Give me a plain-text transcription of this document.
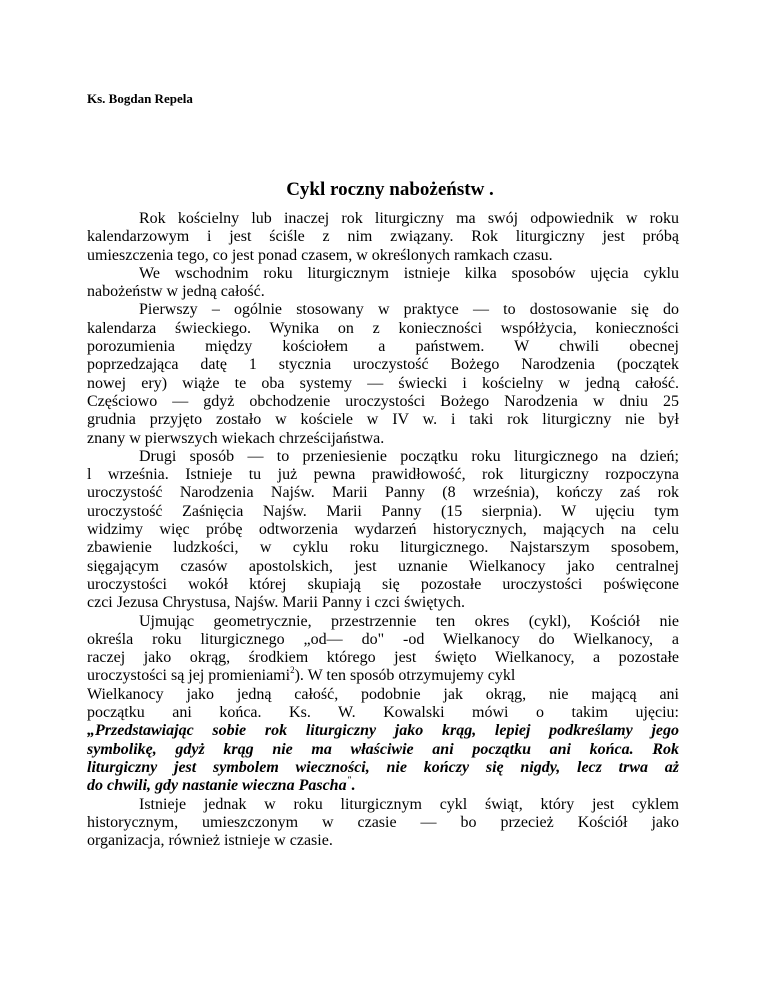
Ks. Bogdan Repela
Cykl roczny nabożeństw .
Rok kościelny lub inaczej rok liturgiczny ma swój odpowiednik w roku
kalendarzowym i jest ściśle z nim związany. Rok liturgiczny jest próbą
umieszczenia tego, co jest ponad czasem, w określonych ramkach czasu.
We wschodnim roku liturgicznym istnieje kilka sposobów ujęcia cyklu
nabożeństw w jedną całość.
Pierwszy – ogólnie stosowany w praktyce — to dostosowanie się do
kalendarza świeckiego. Wynika on z konieczności współżycia, konieczności
porozumienia między kościołem a państwem. W chwili obecnej
poprzedzająca datę 1 stycznia uroczystość Bożego Narodzenia (początek
nowej ery) wiąże te oba systemy — świecki i kościelny w jedną całość.
Częściowo — gdyż obchodzenie uroczystości Bożego Narodzenia w dniu 25
grudnia przyjęto zostało w kościele w IV w. i taki rok liturgiczny nie był
znany w pierwszych wiekach chrześcijaństwa.
Drugi sposób — to przeniesienie początku roku liturgicznego na dzień;
l września. Istnieje tu już pewna prawidłowość, rok liturgiczny rozpoczyna
uroczystość Narodzenia Najśw. Marii Panny (8 września), kończy zaś rok
uroczystość Zaśnięcia Najśw. Marii Panny (15 sierpnia). W ujęciu tym
widzimy więc próbę odtworzenia wydarzeń historycznych, mających na celu
zbawienie ludzkości, w cyklu roku liturgicznego. Najstarszym sposobem,
sięgającym czasów apostolskich, jest uznanie Wielkanocy jako centralnej
uroczystości wokół której skupiają się pozostałe uroczystości poświęcone
czci Jezusa Chrystusa, Najśw. Marii Panny i czci świętych.
Ujmując geometrycznie, przestrzennie ten okres (cykl), Kościół nie
określa roku liturgicznego „od— do" -od Wielkanocy do Wielkanocy, a
raczej jako okrąg, środkiem którego jest święto Wielkanocy, a pozostałe
uroczystości są jej promieniami$^2$). W ten sposób otrzymujemy cykl
Wielkanocy jako jedną całość, podobnie jak okrąg, nie mającą ani
początku ani końca. Ks. W. Kowalski mówi o takim ujęciu:
„Przedstawiając sobie rok liturgiczny jako krąg, lepiej podkreślamy jego
symbolikę, gdyż krąg nie ma właściwie ani początku ani końca. Rok
liturgiczny jest symbolem wieczności, nie kończy się nigdy, lecz trwa aż
do chwili, gdy nastanie wieczna Pascha".
Istnieje jednak w roku liturgicznym cykl świąt, który jest cyklem
historycznym, umieszczonym w czasie — bo przecież Kościół jako
organizacja, również istnieje w czasie.
